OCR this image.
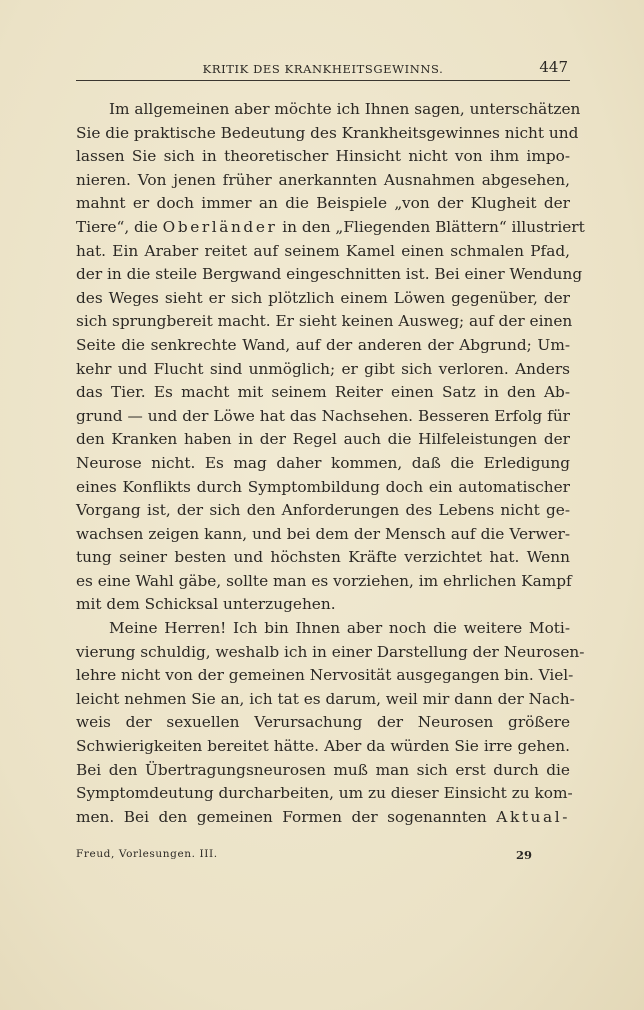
KRITIK DES KRANKHEITSGEWINNS.	447

Im allgemeinen aber möchte ich Ihnen sagen, unterschätzen
Sie die praktische Bedeutung des Krankheitsgewinnes nicht und
lassen Sie sich in theoretischer Hinsicht nicht von ihm impo-
nieren. Von jenen früher anerkannten Ausnahmen abgesehen,
mahnt er doch immer an die Beispiele „von der Klugheit der
Tiere“, die Oberländer in den „Fliegenden Blättern“ illustriert
hat. Ein Araber reitet auf seinem Kamel einen schmalen Pfad,
der in die steile Bergwand eingeschnitten ist. Bei einer Wendung
des Weges sieht er sich plötzlich einem Löwen gegenüber, der
sich sprungbereit macht. Er sieht keinen Ausweg; auf der einen
Seite die senkrechte Wand, auf der anderen der Abgrund; Um-
kehr und Flucht sind unmöglich; er gibt sich verloren. Anders
das Tier. Es macht mit seinem Reiter einen Satz in den Ab-
grund — und der Löwe hat das Nachsehen. Besseren Erfolg für
den Kranken haben in der Regel auch die Hilfeleistungen der
Neurose nicht. Es mag daher kommen, daß die Erledigung
eines Konflikts durch Symptombildung doch ein automatischer
Vorgang ist, der sich den Anforderungen des Lebens nicht ge-
wachsen zeigen kann, und bei dem der Mensch auf die Verwer-
tung seiner besten und höchsten Kräfte verzichtet hat. Wenn
es eine Wahl gäbe, sollte man es vorziehen, im ehrlichen Kampf
mit dem Schicksal unterzugehen.

Meine Herren! Ich bin Ihnen aber noch die weitere Moti-
vierung schuldig, weshalb ich in einer Darstellung der Neurosen-
lehre nicht von der gemeinen Nervosität ausgegangen bin. Viel-
leicht nehmen Sie an, ich tat es darum, weil mir dann der Nach-
weis der sexuellen Verursachung der Neurosen größere
Schwierigkeiten bereitet hätte. Aber da würden Sie irre gehen.
Bei den Übertragungsneurosen muß man sich erst durch die
Symptomdeutung durcharbeiten, um zu dieser Einsicht zu kom-
men. Bei den gemeinen Formen der sogenannten Aktual-

Freud, Vorlesungen. III.	29
